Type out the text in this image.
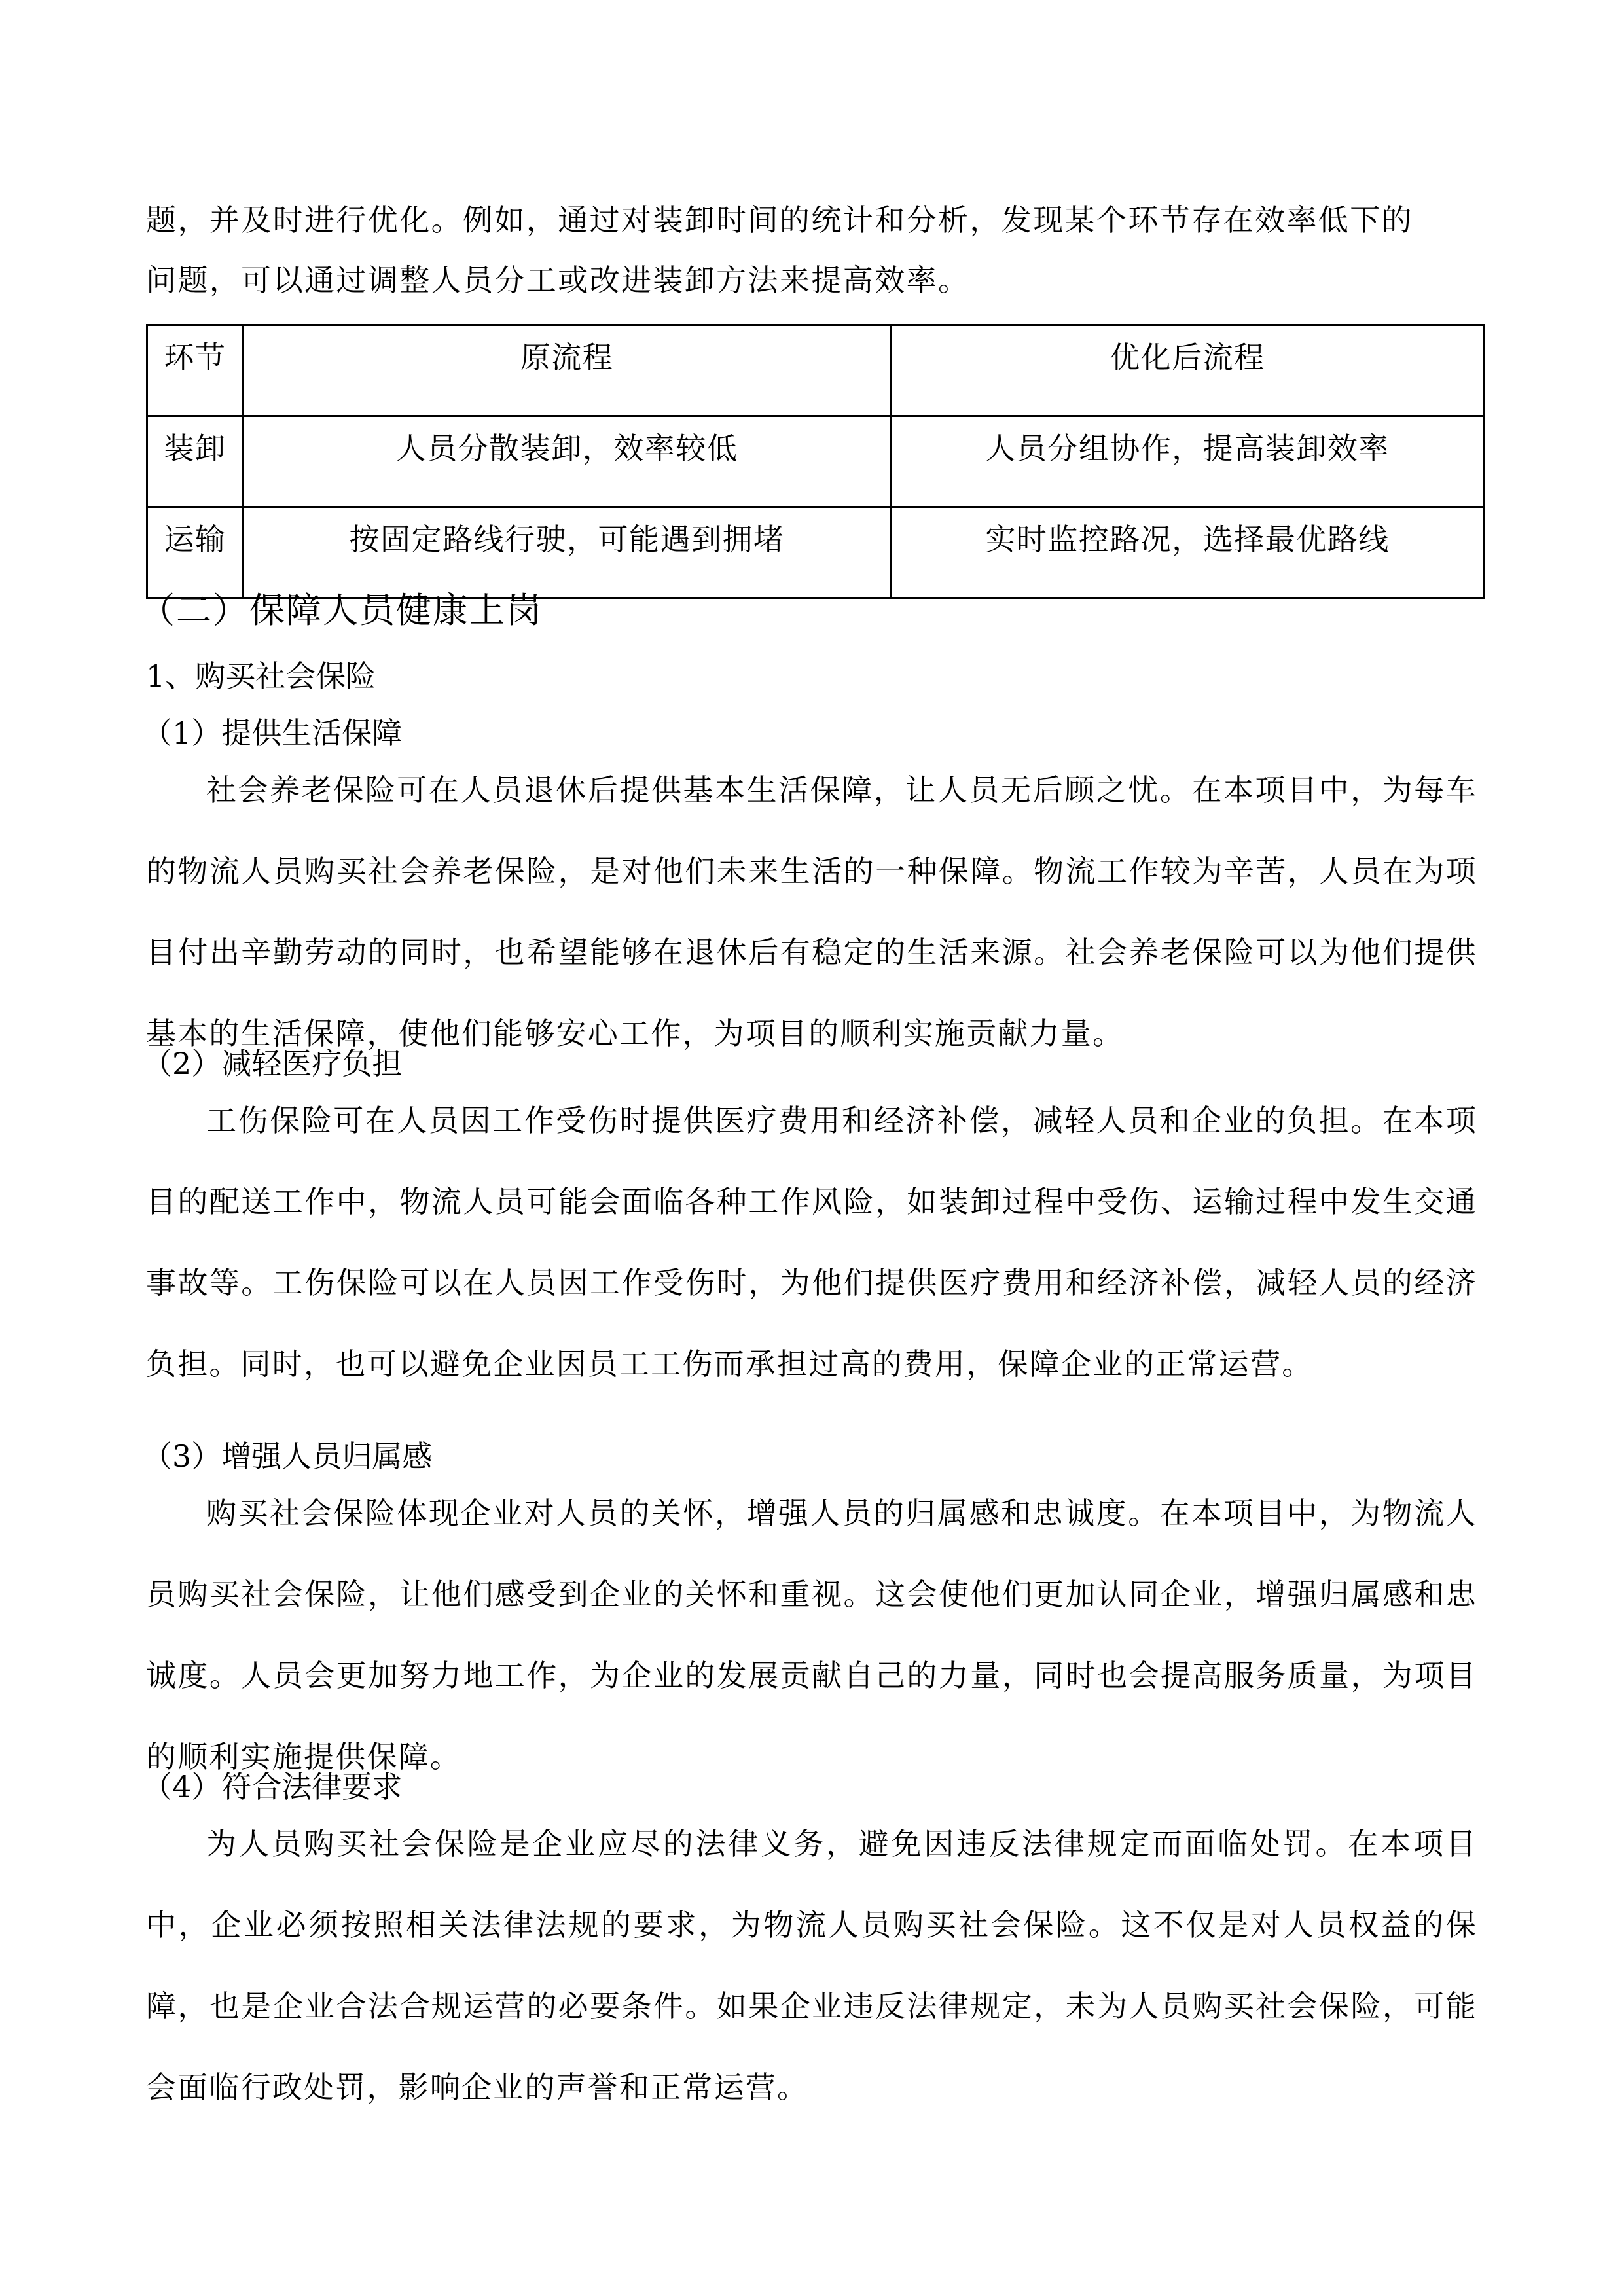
题，并及时进行优化。例如，通过对装卸时间的统计和分析，发现某个环节存在效率低下的
问题，可以通过调整人员分工或改进装卸方法来提高效率。
环节	原流程	优化后流程
装卸	人员分散装卸，效率较低	人员分组协作，提高装卸效率
运输	按固定路线行驶，可能遇到拥堵	实时监控路况，选择最优路线
（二）保障人员健康上岗
1、购买社会保险
（1）提供生活保障
社会养老保险可在人员退休后提供基本生活保障，让人员无后顾之忧。在本项目中，为每车的物流人员购买社会养老保险，是对他们未来生活的一种保障。物流工作较为辛苦，人员在为项目付出辛勤劳动的同时，也希望能够在退休后有稳定的生活来源。社会养老保险可以为他们提供基本的生活保障，使他们能够安心工作，为项目的顺利实施贡献力量。
（2）减轻医疗负担
工伤保险可在人员因工作受伤时提供医疗费用和经济补偿，减轻人员和企业的负担。在本项目的配送工作中，物流人员可能会面临各种工作风险，如装卸过程中受伤、运输过程中发生交通事故等。工伤保险可以在人员因工作受伤时，为他们提供医疗费用和经济补偿，减轻人员的经济负担。同时，也可以避免企业因员工工伤而承担过高的费用，保障企业的正常运营。
（3）增强人员归属感
购买社会保险体现企业对人员的关怀，增强人员的归属感和忠诚度。在本项目中，为物流人员购买社会保险，让他们感受到企业的关怀和重视。这会使他们更加认同企业，增强归属感和忠诚度。人员会更加努力地工作，为企业的发展贡献自己的力量，同时也会提高服务质量，为项目的顺利实施提供保障。
（4）符合法律要求
为人员购买社会保险是企业应尽的法律义务，避免因违反法律规定而面临处罚。在本项目中，企业必须按照相关法律法规的要求，为物流人员购买社会保险。这不仅是对人员权益的保障，也是企业合法合规运营的必要条件。如果企业违反法律规定，未为人员购买社会保险，可能会面临行政处罚，影响企业的声誉和正常运营。
